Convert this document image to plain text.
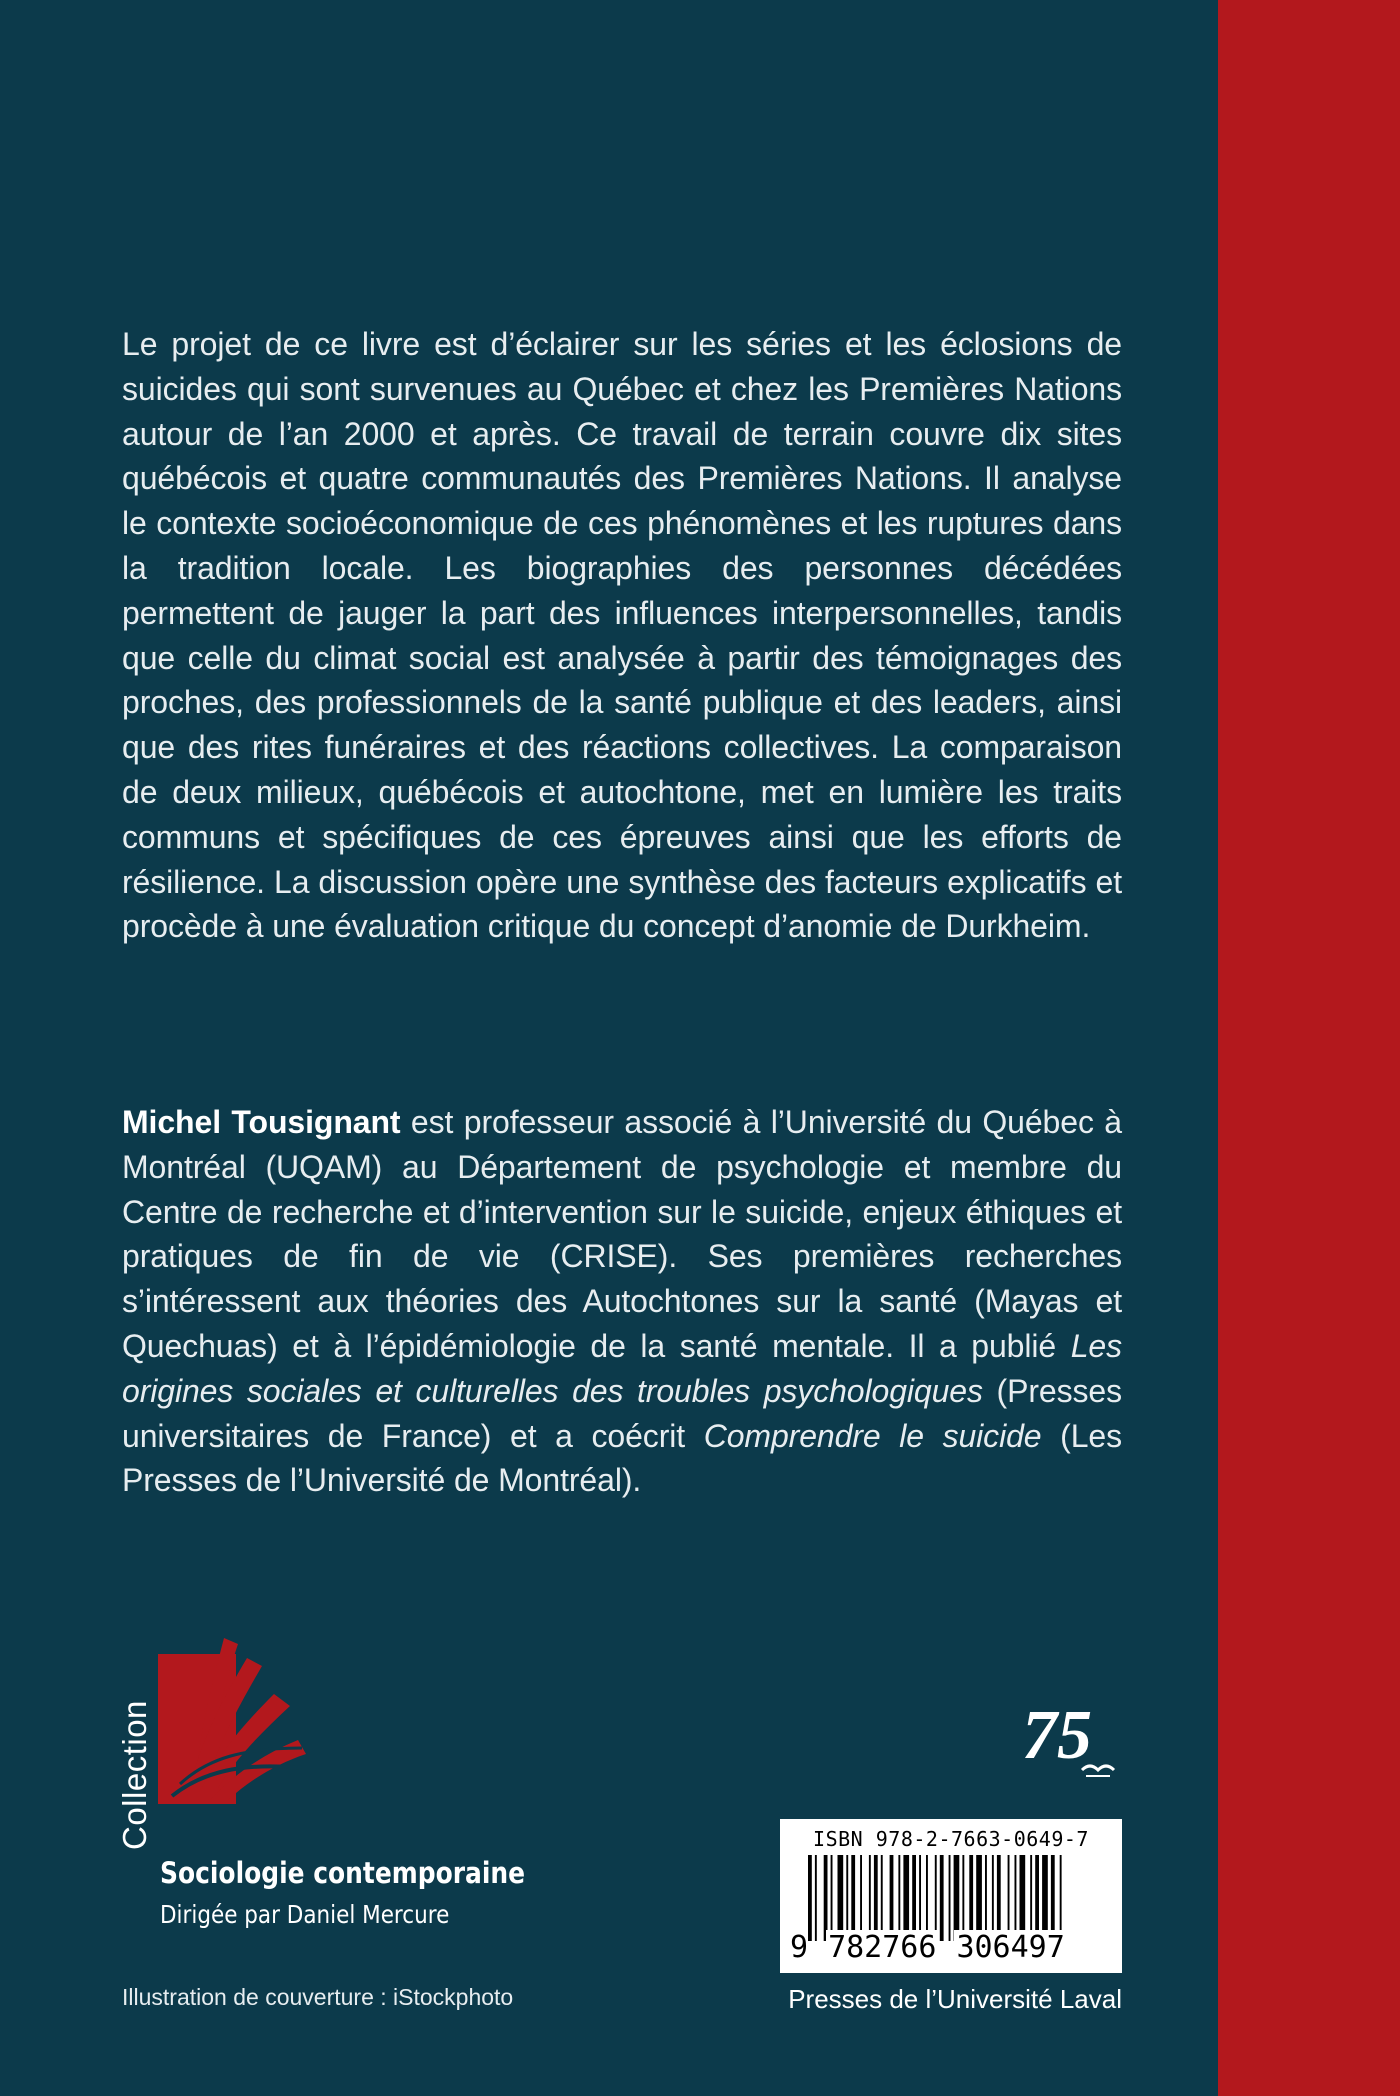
Le projet de ce livre est d’éclairer sur les séries et les éclosions de suicides qui sont survenues au Québec et chez les Premières Nations autour de l’an 2000 et après. Ce travail de terrain couvre dix sites québécois et quatre communautés des Premières Nations. Il analyse le contexte socioéconomique de ces phénomènes et les ruptures dans la tradition locale. Les biographies des personnes décédées permettent de jauger la part des influences interpersonnelles, tandis que celle du climat social est analysée à partir des témoignages des proches, des professionnels de la santé publique et des leaders, ainsi que des rites funéraires et des réactions collectives. La comparaison de deux milieux, québécois et autochtone, met en lumière les traits communs et spécifiques de ces épreuves ainsi que les efforts de résilience. La discussion opère une synthèse des facteurs explicatifs et procède à une évaluation critique du concept d’anomie de Durkheim.

Michel Tousignant est professeur associé à l’Université du Québec à Montréal (UQAM) au Département de psychologie et membre du Centre de recherche et d’intervention sur le suicide, enjeux éthiques et pratiques de fin de vie (CRISE). Ses premières recherches s’intéressent aux théories des Autochtones sur la santé (Mayas et Quechuas) et à l’épidémiologie de la santé mentale. Il a publié Les origines sociales et culturelles des troubles psychologiques (Presses universitaires de France) et a coécrit Comprendre le suicide (Les Presses de l’Université de Montréal).

Collection
Sociologie contemporaine
Dirigée par Daniel Mercure
Illustration de couverture : iStockphoto
75
ISBN 978-2-7663-0649-7
9 782766 306497
Presses de l’Université Laval
